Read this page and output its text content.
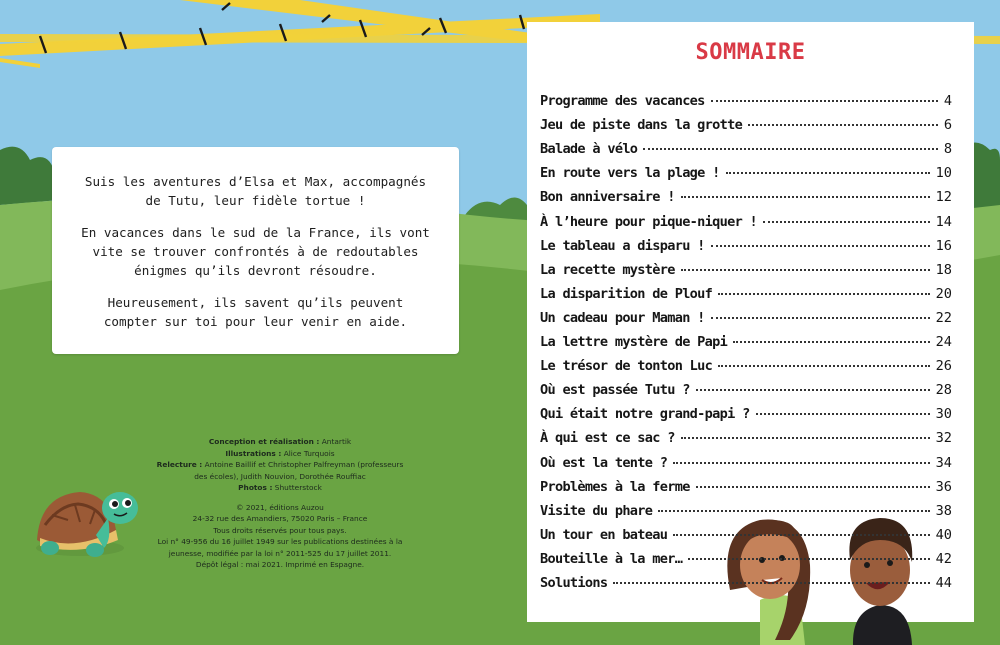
Suis les aventures d’Elsa et Max, accompagnés de Tutu, leur fidèle tortue !

En vacances dans le sud de la France, ils vont vite se trouver confrontés à de redoutables énigmes qu’ils devront résoudre.

Heureusement, ils savent qu’ils peuvent compter sur toi pour leur venir en aide.

Conception et réalisation : Antartik
Illustrations : Alice Turquois
Relecture : Antoine Baillif et Christopher Palfreyman (professeurs des écoles), Judith Nouvion, Dorothée Rouffiac
Photos : Shutterstock
© 2021, éditions Auzou
24-32 rue des Amandiers, 75020 Paris – France
Tous droits réservés pour tous pays.
Loi n° 49-956 du 16 juillet 1949 sur les publications destinées à la jeunesse, modifiée par la loi n° 2011-525 du 17 juillet 2011.
Dépôt légal : mai 2021. Imprimé en Espagne.
SOMMAIRE
Programme des vacances	4
Jeu de piste dans la grotte	6
Balade à vélo	8
En route vers la plage !	10
Bon anniversaire !	12
À l’heure pour pique-niquer !	14
Le tableau a disparu !	16
La recette mystère	18
La disparition de Plouf	20
Un cadeau pour Maman !	22
La lettre mystère de Papi	24
Le trésor de tonton Luc	26
Où est passée Tutu ?	28
Qui était notre grand-papi ?	30
À qui est ce sac ?	32
Où est la tente ?	34
Problèmes à la ferme	36
Visite du phare	38
Un tour en bateau	40
Bouteille à la mer…	42
Solutions	44
